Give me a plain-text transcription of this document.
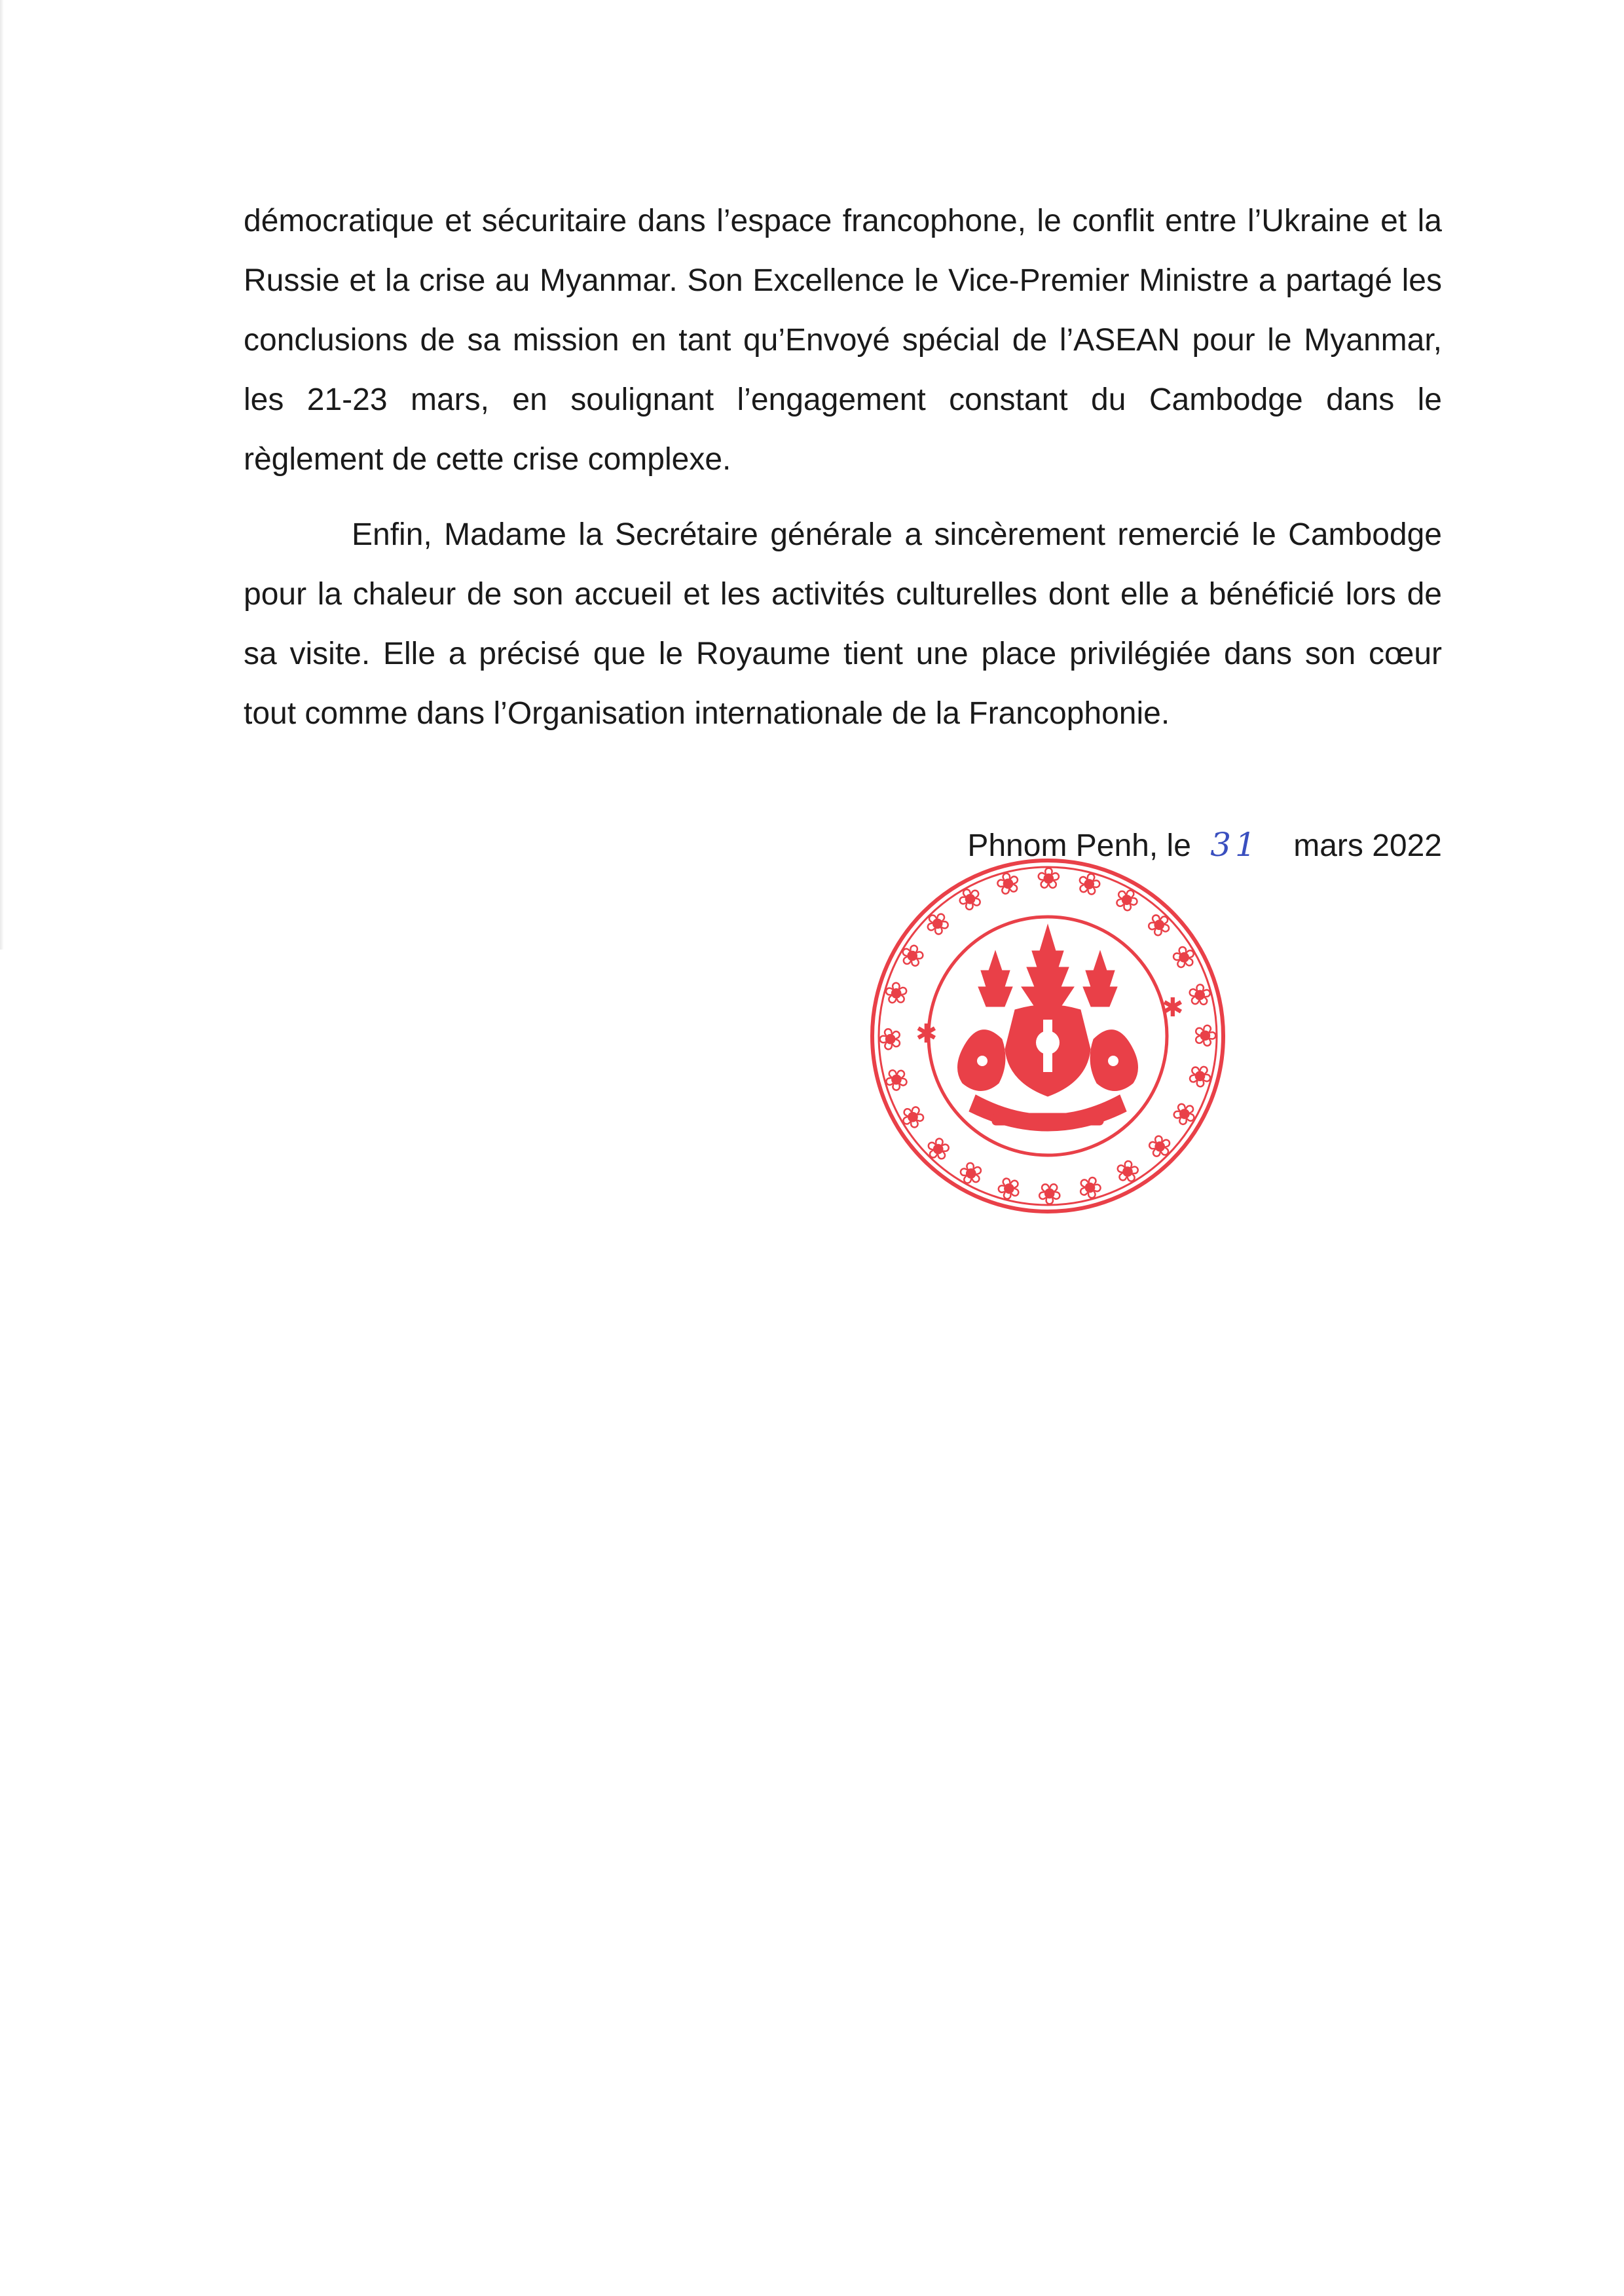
démocratique et sécuritaire dans l’espace francophone, le conflit entre l’Ukraine et la Russie et la crise au Myanmar. Son Excellence le Vice-Premier Ministre a partagé les conclusions de sa mission en tant qu’Envoyé spécial de l’ASEAN pour le Myanmar, les 21-23 mars, en soulignant l’engagement constant du Cambodge dans le règlement de cette crise complexe.

Enfin, Madame la Secrétaire générale a sincèrement remercié le Cambodge pour la chaleur de son accueil et les activités culturelles dont elle a bénéficié lors de sa visite. Elle a précisé que le Royaume tient une place privilégiée dans son cœur tout comme dans l’Organisation internationale de la Francophonie.

Phnom Penh, le 31 mars 2022
❀ ❀ ❀ ❀ ❀ ❀ ❀ ❀ ❀ ❀ ❀ ❀ ❀ ❀ ❀ ❀ ❀ ❀ ❀ ❀ ❀ ❀ ❀ ❀ ✱
✱
